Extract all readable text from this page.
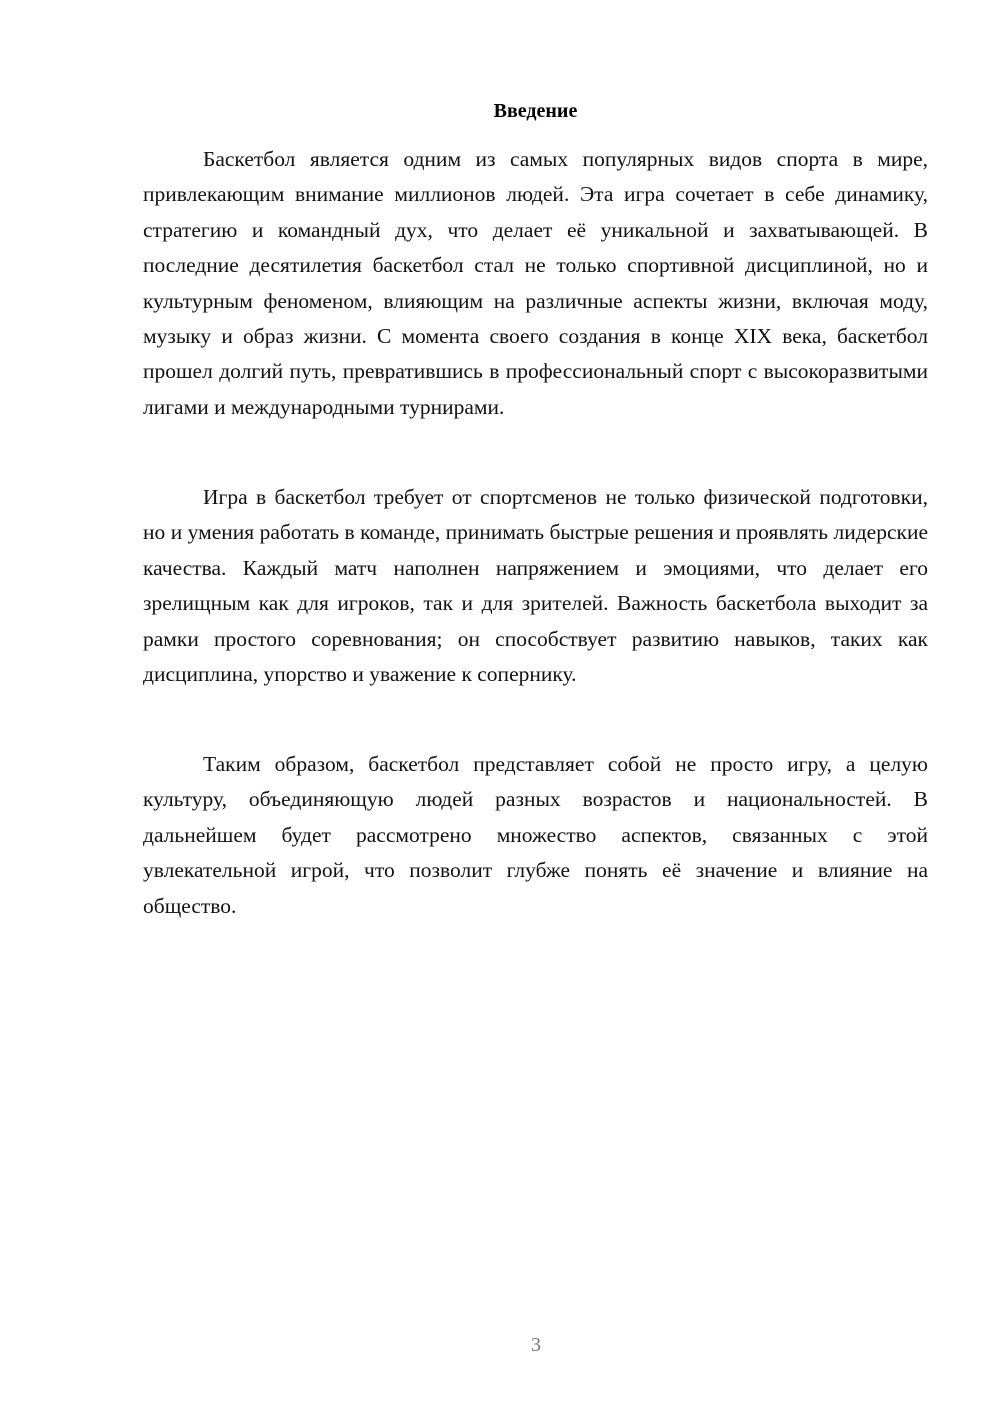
Введение

Баскетбол является одним из самых популярных видов спорта в мире, привлекающим внимание миллионов людей. Эта игра сочетает в себе динамику, стратегию и командный дух, что делает её уникальной и захватывающей. В последние десятилетия баскетбол стал не только спортивной дисциплиной, но и культурным феноменом, влияющим на различные аспекты жизни, включая моду, музыку и образ жизни. С момента своего создания в конце XIX века, баскетбол прошел долгий путь, превратившись в профессиональный спорт с высокоразвитыми лигами и международными турнирами.

Игра в баскетбол требует от спортсменов не только физической подготовки, но и умения работать в команде, принимать быстрые решения и проявлять лидерские качества. Каждый матч наполнен напряжением и эмоциями, что делает его зрелищным как для игроков, так и для зрителей. Важность баскетбола выходит за рамки простого соревнования; он способствует развитию навыков, таких как дисциплина, упорство и уважение к сопернику.

Таким образом, баскетбол представляет собой не просто игру, а целую культуру, объединяющую людей разных возрастов и национальностей. В дальнейшем будет рассмотрено множество аспектов, связанных с этой увлекательной игрой, что позволит глубже понять её значение и влияние на общество.

3
